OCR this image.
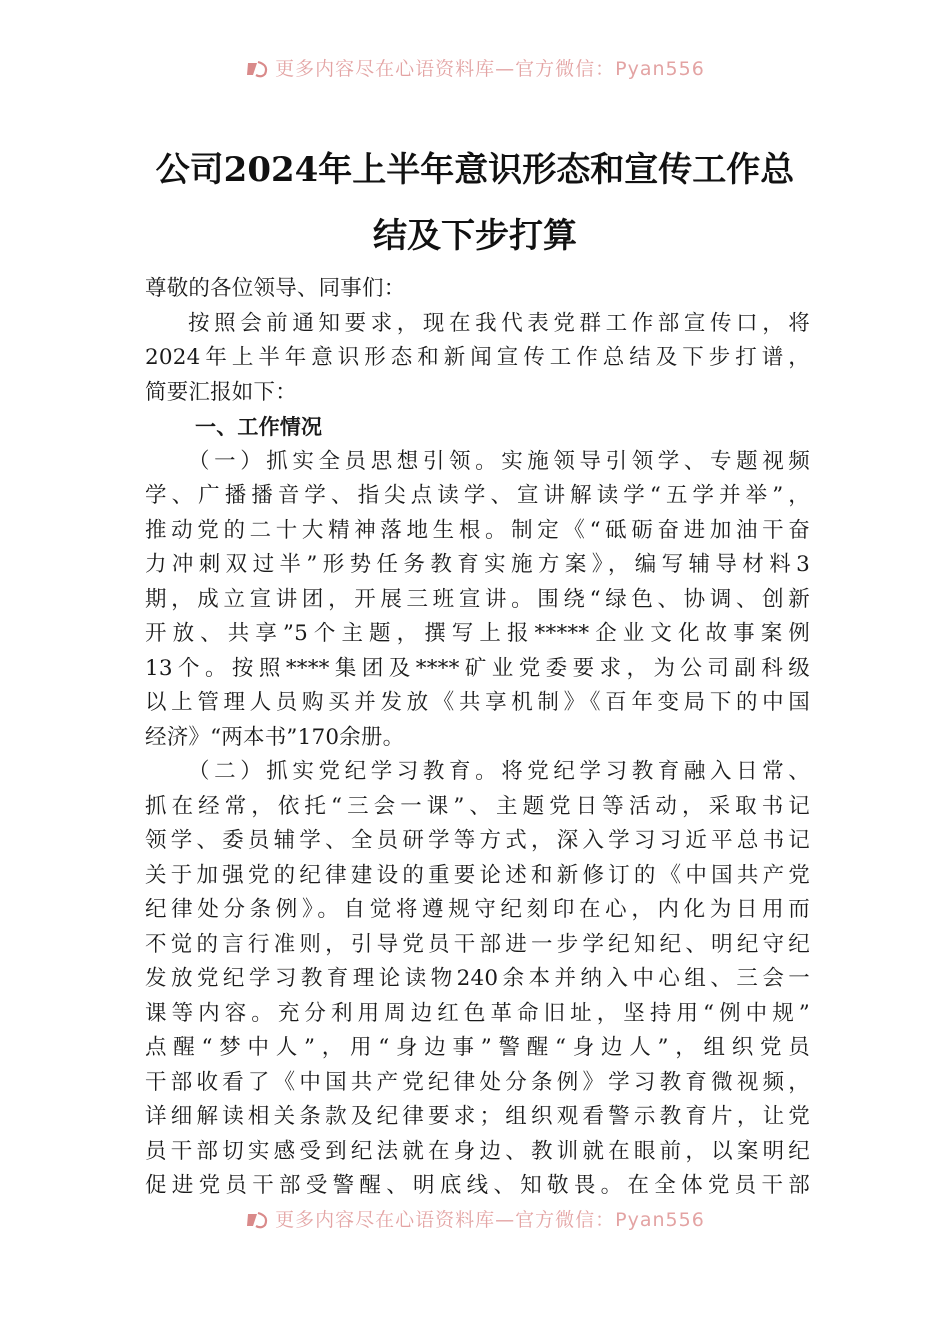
更多内容尽在心语资料库—官方微信：Pyan556
公司2024年上半年意识形态和宣传工作总
结及下步打算
尊敬的各位领导、同事们：
按照会前通知要求，现在我代表党群工作部宣传口，将
2024年上半年意识形态和新闻宣传工作总结及下步打谱，
简要汇报如下：
一、工作情况
（一）抓实全员思想引领。实施领导引领学、专题视频
学、广播播音学、指尖点读学、宣讲解读学“五学并举”，
推动党的二十大精神落地生根。制定《“砥砺奋进加油干奋
力冲刺双过半”形势任务教育实施方案》，编写辅导材料3
期，成立宣讲团，开展三班宣讲。围绕“绿色、协调、创新
开放、共享”5个主题，撰写上报*****企业文化故事案例
13个。按照****集团及****矿业党委要求，为公司副科级
以上管理人员购买并发放《共享机制》《百年变局下的中国
经济》“两本书”170余册。
（二）抓实党纪学习教育。将党纪学习教育融入日常、
抓在经常，依托“三会一课”、主题党日等活动，采取书记
领学、委员辅学、全员研学等方式，深入学习习近平总书记
关于加强党的纪律建设的重要论述和新修订的《中国共产党
纪律处分条例》。自觉将遵规守纪刻印在心，内化为日用而
不觉的言行准则，引导党员干部进一步学纪知纪、明纪守纪
发放党纪学习教育理论读物240余本并纳入中心组、三会一
课等内容。充分利用周边红色革命旧址，坚持用“例中规”
点醒“梦中人”，用“身边事”警醒“身边人”，组织党员
干部收看了《中国共产党纪律处分条例》学习教育微视频，
详细解读相关条款及纪律要求；组织观看警示教育片，让党
员干部切实感受到纪法就在身边、教训就在眼前，以案明纪
促进党员干部受警醒、明底线、知敬畏。在全体党员干部
更多内容尽在心语资料库—官方微信：Pyan556
